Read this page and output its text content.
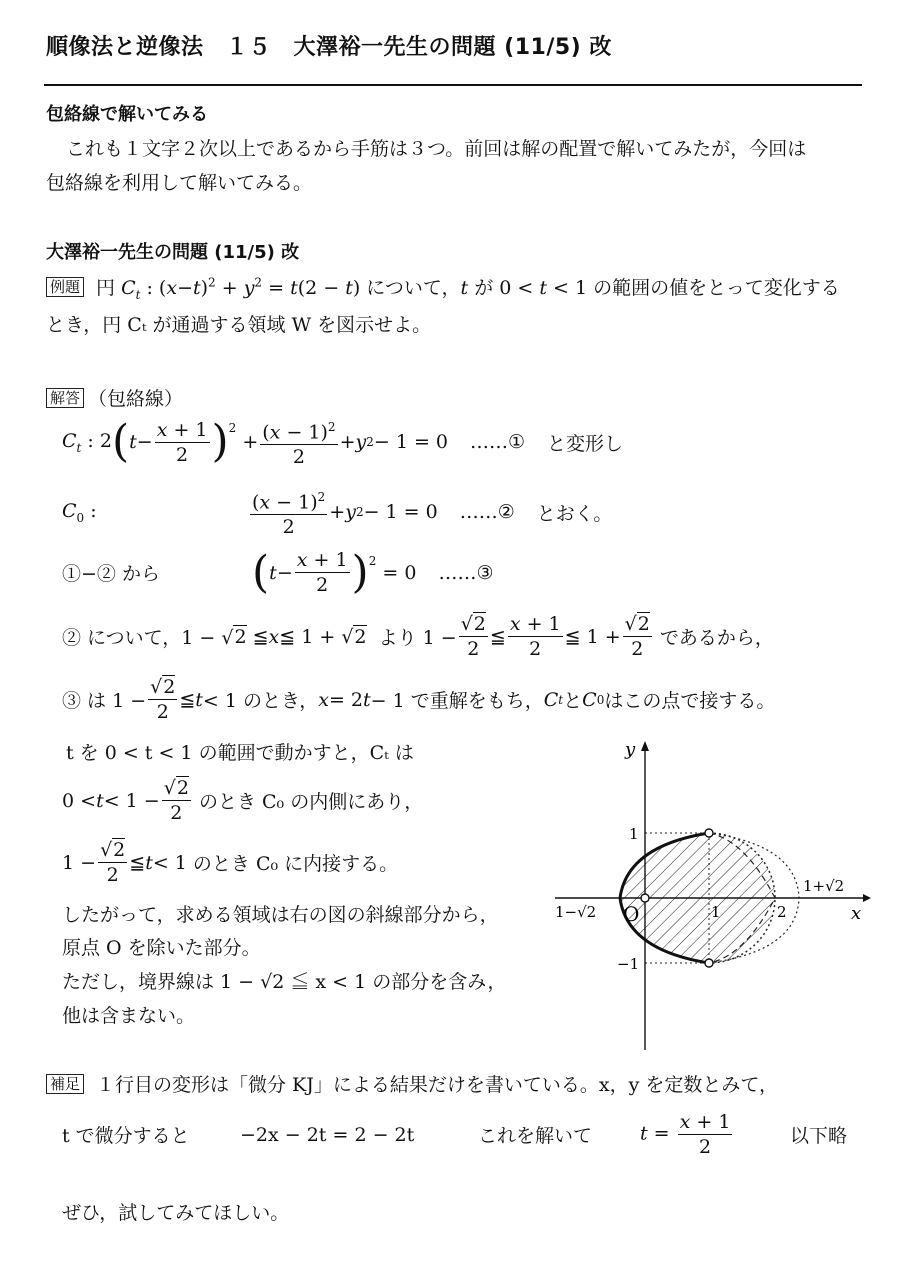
順像法と逆像法　１５　大澤裕一先生の問題 (11/5) 改
包絡線で解いてみる
これも１文字２次以上であるから手筋は３つ。前回は解の配置で解いてみたが，今回は
包絡線を利用して解いてみる。
大澤裕一先生の問題 (11/5) 改
例題 円 $C_t$ : $(x-t)^2 + y^2 = t(2 - t)$ について，t が 0 < t < 1 の範囲の値をとって変化する
とき，円 Cₜ が通過する領域 W を図示せよ。
解答 （包絡線）
$C_t$ : 2 ( $t - \frac{x + 1}{2} )^2$
+ $\frac{(x - 1)^2}{2} + y$ 2 − 1 = 0 …… ① と変形し
$C_0$ :	$\frac{(x - 1)^2}{2} + y$ 2 − 1 = 0 …… ② とおく。
①−② から	( $t - \frac{x + 1}{2} )^2$
= 0 …… ③
② について，1 − √ 2 ≦ x ≦ 1 + √ 2 より $1 - \frac{√2}{2}$ ≦ $\frac{x + 1}{2}$ ≦ $1 + \frac{√2}{2}$ であるから，
③ は $1 - \frac{√2}{2}$ ≦ t < 1 のとき， x = 2 t − 1 で重解をもち， C t と C 0 はこの点で接する。
t を 0 < t < 1 の範囲で動かすと，Cₜ は
$0 < t < 1 - \frac{√2}{2}$
のとき C₀ の内側にあり，
$1 - \frac{√2}{2}$ ≦ t < 1 のとき C₀ に内接する。
したがって，求める領域は右の図の斜線部分から，
原点 O を除いた部分。
ただし，境界線は 1 − √2 ≦ x < 1 の部分を含み，
他は含まない。
x
y
O	1	2
1
−1
1−√2
1+√2
補足 １行目の変形は「微分 KJ」による結果だけを書いている。x，y を定数とみて，
t で微分すると	−2x − 2t = 2 − 2t	これを解いて	$t = \frac{x + 1}{2}$	以下略
ぜひ，試してみてほしい。
